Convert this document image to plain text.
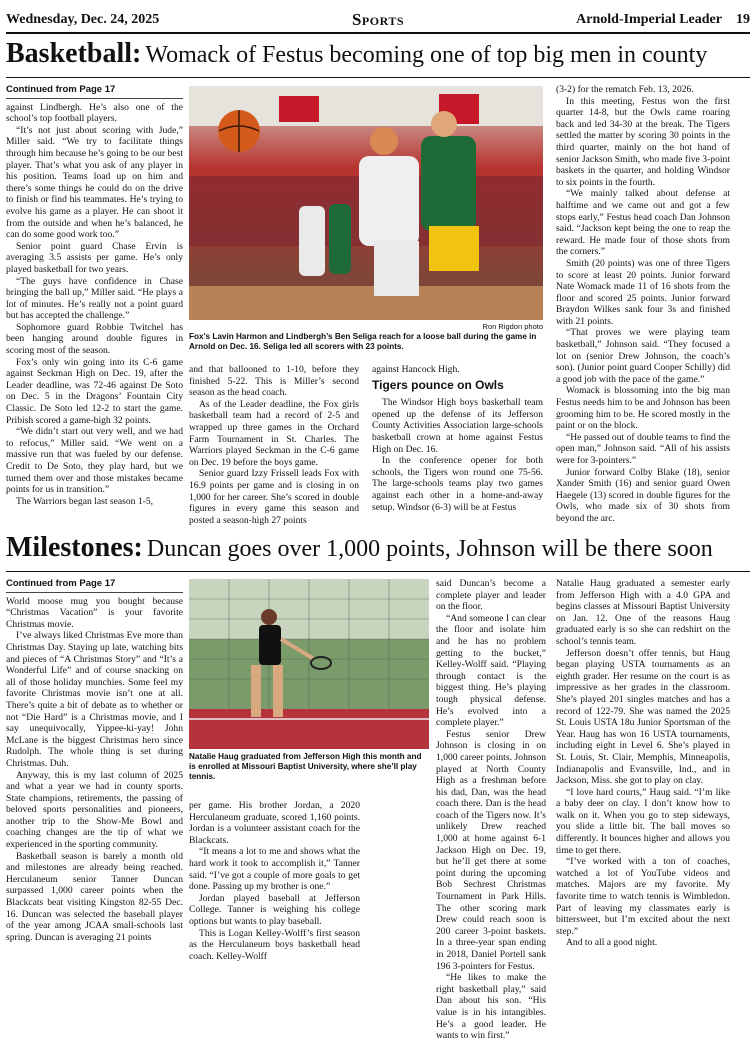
Wednesday, Dec. 24, 2025	Sports	Arnold-Imperial Leader 19
Basketball: Womack of Festus becoming one of top big men in county
Continued from Page 17

against Lindbergh. He’s also one of the school’s top football players.

“It’s not just about scoring with Jude,” Miller said. “We try to facilitate things through him because he’s going to be our best player. That’s what you ask of any player in his position. Teams load up on him and there’s some things he could do on the drive to finish or find his teammates. He’s trying to evolve his game as a player. He can shoot it from the outside and when he’s balanced, he can do some good work too.”

Senior point guard Chase Ervin is averaging 3.5 assists per game. He’s only played basketball for two years.

“The guys have confidence in Chase bringing the ball up,” Miller said. “He plays a lot of minutes. He’s really not a point guard but has accepted the challenge.”

Sophomore guard Robbie Twitchel has been hanging around double figures in scoring most of the season.

Fox’s only win going into its C-6 game against Seckman High on Dec. 19, after the Leader deadline, was 72-46 against De Soto on Dec. 5 in the Dragons’ Fountain City Classic. De Soto led 12-2 to start the game. Pribish scored a game-high 32 points.

“We didn’t start out very well, and we had to refocus,” Miller said. “We went on a massive run that was fueled by our defense. Credit to De Soto, they play hard, but we turned them over and those mistakes became points for us in transition.”

The Warriors began last season 1-5,

Ron Rigdon photo
Fox’s Lavin Harmon and Lindbergh’s Ben Seliga reach for a loose ball during the game in Arnold on Dec. 16. Seliga led all scorers with 23 points.

and that ballooned to 1-10, before they finished 5-22. This is Miller’s second season as the head coach.

As of the Leader deadline, the Fox girls basketball team had a record of 2-5 and wrapped up three games in the Orchard Farm Tournament in St. Charles. The Warriors played Seckman in the C-6 game on Dec. 19 before the boys game.

Senior guard Izzy Frissell leads Fox with 16.9 points per game and is closing in on 1,000 for her career. She’s scored in double figures in every game this season and posted a season-high 27 points

against Hancock High.

Tigers pounce on Owls

The Windsor High boys basketball team opened up the defense of its Jefferson County Activities Association large-schools basketball crown at home against Festus High on Dec. 16.

In the conference opener for both schools, the Tigers won round one 75-56. The large-schools teams play two games against each other in a home-and-away setup. Windsor (6-3) will be at Festus

(3-2) for the rematch Feb. 13, 2026.

In this meeting, Festus won the first quarter 14-8, but the Owls came roaring back and led 34-30 at the break. The Tigers settled the matter by scoring 30 points in the third quarter, mainly on the hot hand of senior Jackson Smith, who made five 3-point baskets in the quarter, and holding Windsor to six points in the fourth.

“We mainly talked about defense at halftime and we came out and got a few stops early,” Festus head coach Dan Johnson said. “Jackson kept being the one to reap the reward. He made four of those shots from the corners.”

Smith (20 points) was one of three Tigers to score at least 20 points. Junior forward Nate Womack made 11 of 16 shots from the floor and scored 25 points. Junior forward Braydon Wilkes sank four 3s and finished with 21 points.

“That proves we were playing team basketball,” Johnson said. “They focused a lot on (senior Drew Johnson, the coach’s son). (Junior point guard Cooper Schilly) did a good job with the pace of the game.”

Womack is blossoming into the big man Festus needs him to be and Johnson has been grooming him to be. He scored mostly in the paint or on the block.

“He passed out of double teams to find the open man,” Johnson said. “All of his assists were for 3-pointers.”

Junior forward Colby Blake (18), senior Xander Smith (16) and senior guard Owen Haegele (13) scored in double figures for the Owls, who made six of 30 shots from beyond the arc.

Milestones: Duncan goes over 1,000 points, Johnson will be there soon
Continued from Page 17

World moose mug you bought because “Christmas Vacation” is your favorite Christmas movie.

I’ve always liked Christmas Eve more than Christmas Day. Staying up late, watching bits and pieces of “A Christmas Story” and “It’s a Wonderful Life” and of course snacking on all of those holiday munchies. Some feel my favorite Christmas movie isn’t one at all. There’s quite a bit of debate as to whether or not “Die Hard” is a Christmas movie, and I say unequivocally, Yippee-ki-yay! John McLane is the biggest Christmas hero since Rudolph. The whole thing is set during Christmas. Duh.

Anyway, this is my last column of 2025 and what a year we had in county sports. State champions, retirements, the passing of beloved sports personalities and pioneers, another trip to the Show-Me Bowl and coaching changes are the tip of what we experienced in the sporting community.

Basketball season is barely a month old and milestones are already being reached. Herculaneum senior Tanner Duncan surpassed 1,000 career points when the Blackcats beat visiting Kingston 82-55 Dec. 16. Duncan was selected the baseball player of the year among JCAA small-schools last spring. Duncan is averaging 21 points

Natalie Haug graduated from Jefferson High this month and is enrolled at Missouri Baptist University, where she’ll play tennis.

per game. His brother Jordan, a 2020 Herculaneum graduate, scored 1,160 points. Jordan is a volunteer assistant coach for the Blackcats.

“It means a lot to me and shows what the hard work it took to accomplish it,” Tanner said. “I’ve got a couple of more goals to get done. Passing up my brother is one.”

Jordan played baseball at Jefferson College. Tanner is weighing his college options but wants to play baseball.

This is Logan Kelley-Wolff’s first season as the Herculaneum boys basketball head coach. Kelley-Wolff

said Duncan’s become a complete player and leader on the floor.

“And someone I can clear the floor and isolate him and he has no problem getting to the bucket,” Kelley-Wolff said. “Playing through contact is the biggest thing. He’s playing tough physical defense. He’s evolved into a complete player.”

Festus senior Drew Johnson is closing in on 1,000 career points. Johnson played at North County High as a freshman before his dad, Dan, was the head coach there. Dan is the head coach of the Tigers now. It’s unlikely Drew reached 1,000 at home against 6-1 Jackson High on Dec. 19, but he’ll get there at some point during the upcoming Bob Sechrest Christmas Tournament in Park Hills. The other scoring mark Drew could reach soon is 200 career 3-point baskets. In a three-year span ending in 2018, Daniel Portell sank 196 3-pointers for Festus.

“He likes to make the right basketball play,” said Dan about his son. “His value is in his intangibles. He’s a good leader. He wants to win first.”

Natalie Haug graduated a semester early from Jefferson High with a 4.0 GPA and begins classes at Missouri Baptist University on Jan. 12. One of the reasons Haug graduated early is so she can redshirt on the school’s tennis team.

Jefferson doesn’t offer tennis, but Haug began playing USTA tournaments as an eighth grader. Her resume on the court is as impressive as her grades in the classroom. She’s played 201 singles matches and has a record of 122-79. She was named the 2025 St. Louis USTA 18u Junior Sportsman of the Year. Haug has won 16 USTA tournaments, including eight in Level 6. She’s played in St. Louis, St. Clair, Memphis, Minneapolis, Indianapolis and Evansville, Ind., and in Jackson, Miss. she got to play on clay.

“I love hard courts,” Haug said. “I’m like a baby deer on clay. I don’t know how to walk on it. When you go to step sideways, you slide a little bit. The ball moves so differently. It bounces higher and allows you time to get there.

“I’ve worked with a ton of coaches, watched a lot of YouTube videos and matches. Majors are my favorite. My favorite time to watch tennis is Wimbledon. Part of leaving my classmates early is bittersweet, but I’m excited about the next step.”

And to all a good night.
